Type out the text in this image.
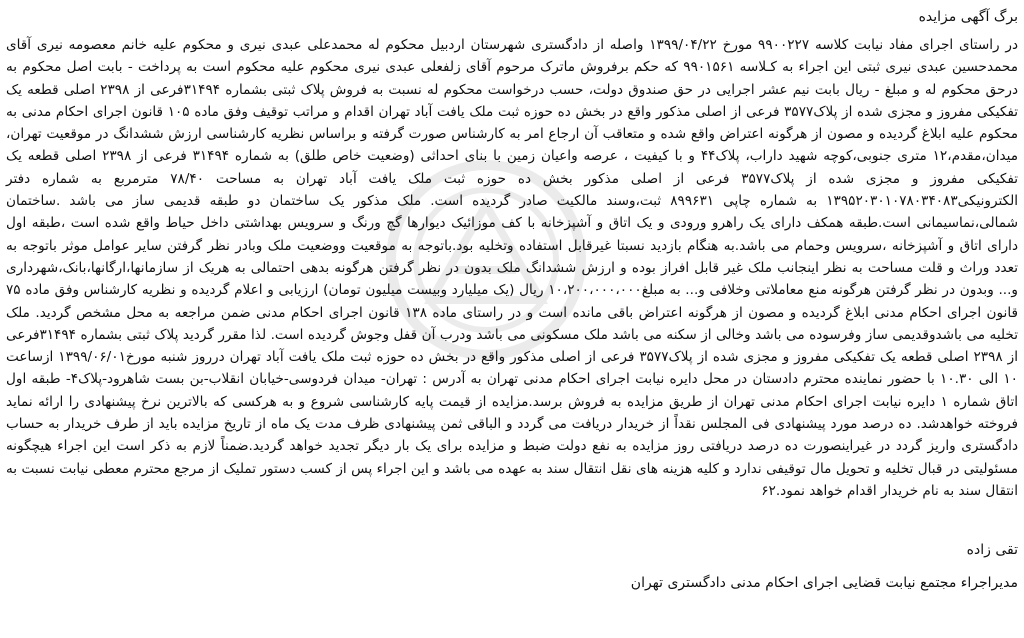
برگ آگهی مزایده

در راستای اجرای مفاد نیابت کلاسه ۹۹۰۰۲۲۷ مورخ ۱۳۹۹/۰۴/۲۲ واصله از دادگستری شهرستان اردبیل محکوم له محمدعلی عبدی نیری و محکوم علیه خانم معصومه نیری آقای محمدحسین عبدی نیری ثبتی این اجراء به کـلاسه ۹۹۰۱۵۶۱ که حکم برفروش ماترک مرحوم آقای زلفعلی عبدی نیری محکوم علیه محکوم است به پرداخت - بابت اصل محکوم به درحق محکوم له و مبلغ - ریال بابت نیم عشر اجرایی در حق صندوق دولت، حسب درخواست محکوم له نسبت به فروش پلاک ثبتی بشماره ۳۱۴۹۴فرعی از ۲۳۹۸ اصلی قطعه یک تفکیکی مفروز و مجزی شده از پلاک۳۵۷۷ فرعی از اصلی مذکور واقع در بخش ده حوزه ثبت ملک یافت آباد تهران اقدام و مراتب توقیف وفق ماده ۱۰۵ قانون اجرای احکام مدنی به محکوم علیه ابلاغ گردیده و مصون از هرگونه اعتراض واقع شده و متعاقب آن ارجاع امر به کارشناس صورت گرفته و براساس نظریه کارشناسی ارزش ششدانگ در موقعیت تهران، میدان،مقدم،۱۲ متری جنوبی،کوچه شهید داراب، پلاک۴۴ و با کیفیت ، عرصه واعیان زمین با بنای احداثی (وضعیت خاص طلق) به شماره ۳۱۴۹۴ فرعی از ۲۳۹۸ اصلی قطعه یک تفکیکی مفروز و مجزی شده از پلاک۳۵۷۷ فرعی از اصلی مذکور بخش ده حوزه ثبت ملک یافت آباد تهران به مساحت ۷۸/۴۰ مترمربع به شماره دفتر الکترونیکی۱۳۹۵۲۰۳۰۱۰۷۸۰۳۴۰۸۳ به شماره چاپی ۸۹۹۶۳۱ ثبت،وسند مالکیت صادر گردیده است. ملک مذکور یک ساختمان دو طبقه قدیمی ساز می باشد .ساختمان شمالی،نماسیمانی است.طبقه همکف دارای یک راهرو ورودی و یک اتاق و آشپزخانه با کف موزائیک دیوارها گچ ورنگ و سرویس بهداشتی داخل حیاط واقع شده است ،طبقه اول دارای اتاق و آشپزخانه ،سرویس وحمام می باشد.به هنگام بازدید نسبتا غیرقابل استفاده وتخلیه بود.باتوجه به موقعیت ووضعیت ملک وبادر نظر گرفتن سایر عوامل موثر باتوجه به تعدد وراث و قلت مساحت به نظر اینجانب ملک غیر قابل افراز بوده و ارزش ششدانگ ملک بدون در نظر گرفتن هرگونه بدهی احتمالی به هریک از سازمانها،ارگانها،بانک،شهرداری و... وبدون در نظر گرفتن هرگونه منع معاملاتی وخلافی و... به مبلغ۱۰،۲۰۰،۰۰۰،۰۰۰ ریال (یک میلیارد وبیست میلیون تومان) ارزیابی و اعلام گردیده و نظریه کارشناس وفق ماده ۷۵ قانون اجرای احکام مدنی ابلاغ گردیده و مصون از هرگونه اعتراض باقی مانده است و در راستای ماده ۱۳۸ قانون اجرای احکام مدنی ضمن مراجعه به محل مشخص گردید. ملک تخلیه می باشدوقدیمی ساز وفرسوده می باشد وخالی از سکنه می باشد ملک مسکونی می باشد ودرب آن قفل وجوش گردیده است. لذا مقرر گردید پلاک ثبتی بشماره ۳۱۴۹۴فرعی از ۲۳۹۸ اصلی قطعه یک تفکیکی مفروز و مجزی شده از پلاک۳۵۷۷ فرعی از اصلی مذکور واقع در بخش ده حوزه ثبت ملک یافت آباد تهران درروز شنبه مورخ۱۳۹۹/۰۶/۰۱ ازساعت ۱۰ الی ۱۰.۳۰ با حضور نماینده محترم دادستان در محل دایره نیابت اجرای احکام مدنی تهران به آدرس : تهران- میدان فردوسی-خیابان انقلاب-بن بست شاهرود-پلاک۴- طبقه اول اتاق شماره ۱ دایره نیابت اجرای احکام مدنی تهران از طریق مزایده به فروش برسد.مزایده از قیمت پایه کارشناسی شروع و به هرکسی که بالاترین نرخ پیشنهادی را ارائه نماید فروخته خواهدشد. ده درصد مورد پیشنهادی فی المجلس نقداً از خریدار دریافت می گردد و الباقی ثمن پیشنهادی ظرف مدت یک ماه از تاریخ مزایده باید از طرف خریدار به حساب دادگستری واریز گردد در غیراینصورت ده درصد دریافتی روز مزایده به نفع دولت ضبط و مزایده برای یک بار دیگر تجدید خواهد گردید.ضمناً لازم به ذکر است این اجراء هیچگونه مسئولیتی در قبال تخلیه و تحویل مال توقیفی ندارد و کلیه هزینه های نقل انتقال سند به عهده می باشد و این اجراء پس از کسب دستور تملیک از مرجع محترم معطی نیابت نسبت به انتقال سند به نام خریدار اقدام خواهد نمود.۶۲

تقی زاده

مدیراجراء مجتمع نیابت قضایی اجرای احکام مدنی دادگستری تهران
